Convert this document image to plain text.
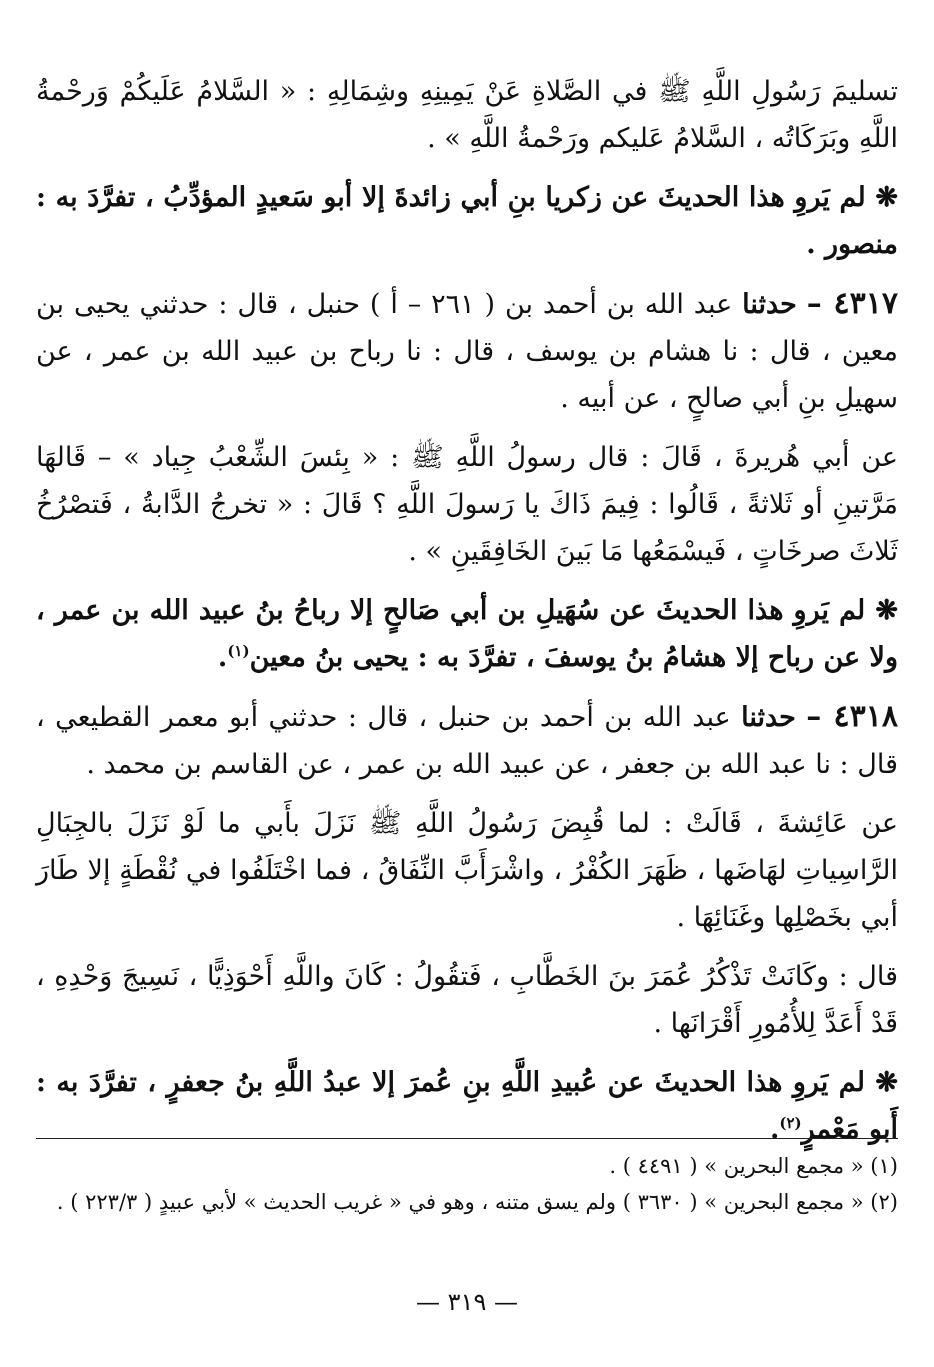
تسليمَ رَسُولِ اللَّهِ ﷺ في الصَّلاةِ عَنْ يَمِينِهِ وشِمَالِهِ : « السَّلامُ عَلَيكُمْ وَرحْمةُ اللَّهِ وبَرَكَاتُه ، السَّلامُ عَليكم ورَحْمةُ اللَّهِ » .

❋ لم يَروِ هذا الحديثَ عن زكريا بنِ أبي زائدةَ إلا أبو سَعيدٍ المؤدِّبُ ، تفرَّدَ به : منصور .

٤٣١٧ – حدثنا عبد الله بن أحمد بن ( ٢٦١ – أ ) حنبل ، قال : حدثني يحيى بن معين ، قال : نا هشام بن يوسف ، قال : نا رباح بن عبيد الله بن عمر ، عن سهيلِ بنِ أبي صالحٍ ، عن أبيه .

عن أبي هُريرةَ ، قَالَ : قال رسولُ اللَّهِ ﷺ : « بِئسَ الشِّعْبُ جِياد » – قَالهَا مَرَّتينِ أو ثَلاثةً ، قَالُوا : فِيمَ ذَاكَ يا رَسولَ اللَّهِ ؟ قَالَ : « تخرجُ الدَّابةُ ، فَتصْرُخُ ثَلاثَ صرخَاتٍ ، فَيسْمَعُها مَا بَينَ الخَافِقَينِ » .

❋ لم يَروِ هذا الحديثَ عن سُهَيلِ بن أبي صَالحٍ إلا رباحُ بنُ عبيد الله بن عمر ، ولا عن رباح إلا هشامُ بنُ يوسفَ ، تفرَّدَ به : يحيى بنُ معين$^{(١)}$.

٤٣١٨ – حدثنا عبد الله بن أحمد بن حنبل ، قال : حدثني أبو معمر القطيعي ، قال : نا عبد الله بن جعفر ، عن عبيد الله بن عمر ، عن القاسم بن محمد .

عن عَائِشةَ ، قَالَتْ : لما قُبِضَ رَسُولُ اللَّهِ ﷺ نَزَلَ بأَبي ما لَوْ نَزَلَ بالجِبَالِ الرَّاسِياتِ لهَاضَها ، ظَهَرَ الكُفْرُ ، واشْرَأَبَّ النِّفَاقُ ، فما اخْتَلَفُوا في نُقْطَةٍ إلا طَارَ أبي بخَصْلِها وغَنَائِهَا .

قال : وكَانَتْ تَذْكُرُ عُمَرَ بنَ الخَطَّابِ ، فَتقُولُ : كَانَ واللَّهِ أَحْوَذِيًّا ، نَسِيجَ وَحْدِهِ ، قَدْ أَعَدَّ لِلأُمُورِ أَقْرَانَها .

❋ لم يَروِ هذا الحديثَ عن عُبيدِ اللَّهِ بنِ عُمرَ إلا عبدُ اللَّهِ بنُ جعفرٍ ، تفرَّدَ به : أَبو مَعْمرٍ$^{(٢)}$.

(١) « مجمع البحرين » ( ٤٤٩١ ) .

(٢) « مجمع البحرين » ( ٣٦٣٠ ) ولم يسق متنه ، وهو في « غريب الحديث » لأبي عبيدٍ ( ٢٢٣/٣ ) .

— ٣١٩ —
